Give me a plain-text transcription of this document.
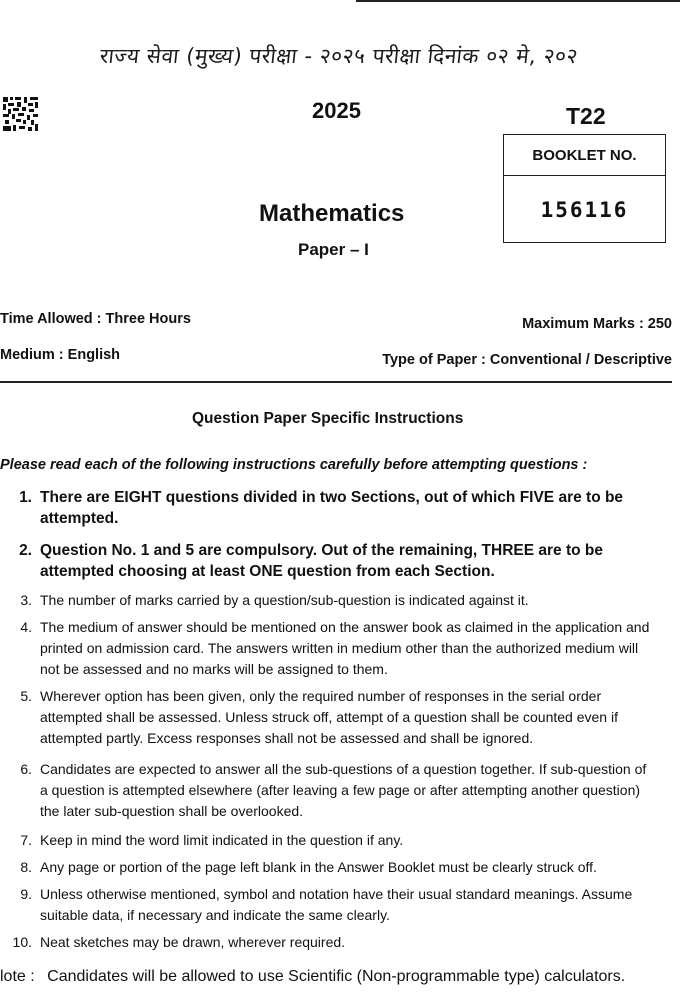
राज्य सेवा (मुख्य) परीक्षा - २०२५ परीक्षा दिनांक ०२ मे, २०२
2025	T22
BOOKLET NO.
156116
Mathematics
Paper – I
Time Allowed : Three Hours	Maximum Marks : 250
Medium : English	Type of Paper : Conventional / Descriptive
Question Paper Specific Instructions
Please read each of the following instructions carefully before attempting questions :
1. There are EIGHT questions divided in two Sections, out of which FIVE are to be attempted.
2. Question No. 1 and 5 are compulsory. Out of the remaining, THREE are to be attempted choosing at least ONE question from each Section.
3. The number of marks carried by a question/sub-question is indicated against it.
4. The medium of answer should be mentioned on the answer book as claimed in the application and printed on admission card. The answers written in medium other than the authorized medium will not be assessed and no marks will be assigned to them.
5. Wherever option has been given, only the required number of responses in the serial order attempted shall be assessed. Unless struck off, attempt of a question shall be counted even if attempted partly. Excess responses shall not be assessed and shall be ignored.
6. Candidates are expected to answer all the sub-questions of a question together. If sub-question of a question is attempted elsewhere (after leaving a few page or after attempting another question) the later sub-question shall be overlooked.
7. Keep in mind the word limit indicated in the question if any.
8. Any page or portion of the page left blank in the Answer Booklet must be clearly struck off.
9. Unless otherwise mentioned, symbol and notation have their usual standard meanings. Assume suitable data, if necessary and indicate the same clearly.
10. Neat sketches may be drawn, wherever required.
lote : Candidates will be allowed to use Scientific (Non-programmable type) calculators.
